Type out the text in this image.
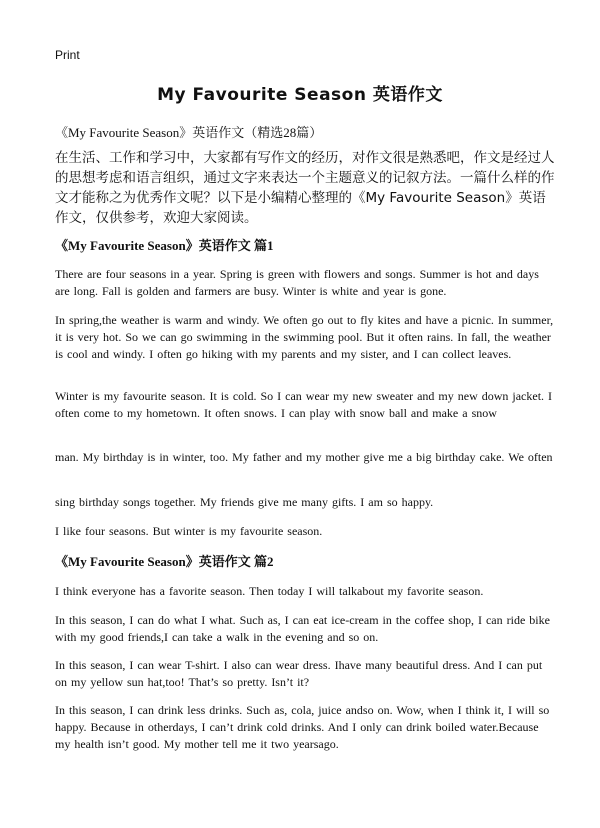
Print
My Favourite Season 英语作文
《My Favourite Season》英语作文（精选28篇）
在生活、工作和学习中，大家都有写作文的经历，对作文很是熟悉吧，作文是经过人的思想考虑和语言组织，通过文字来表达一个主题意义的记叙方法。一篇什么样的作文才能称之为优秀作文呢？以下是小编精心整理的《My Favourite Season》英语作文，仅供参考，欢迎大家阅读。
《My Favourite Season》英语作文 篇1
There are four seasons in a year. Spring is green with flowers and songs. Summer is hot and days are long. Fall is golden and farmers are busy. Winter is white and year is gone.
In spring,the weather is warm and windy. We often go out to fly kites and have a picnic. In summer, it is very hot. So we can go swimming in the swimming pool. But it often rains. In fall, the weather is cool and windy. I often go hiking with my parents and my sister, and I can collect leaves.
Winter is my favourite season. It is cold. So I can wear my new sweater and my new down jacket. I often come to my hometown. It often snows. I can play with snow ball and make a snow
man. My birthday is in winter, too. My father and my mother give me a big birthday cake. We often
sing birthday songs together. My friends give me many gifts. I am so happy.
I like four seasons. But winter is my favourite season.
《My Favourite Season》英语作文 篇2
I think everyone has a favorite season. Then today I will talkabout my favorite season.
In this season, I can do what I what. Such as, I can eat ice-cream in the coffee shop, I can ride bike with my good friends,I can take a walk in the evening and so on.
In this season, I can wear T-shirt. I also can wear dress. Ihave many beautiful dress. And I can put on my yellow sun hat,too! That’s so pretty. Isn’t it?
In this season, I can drink less drinks. Such as, cola, juice andso on. Wow, when I think it, I will so happy. Because in otherdays, I can’t drink cold drinks. And I only can drink boiled water.Because my health isn’t good. My mother tell me it two yearsago.
